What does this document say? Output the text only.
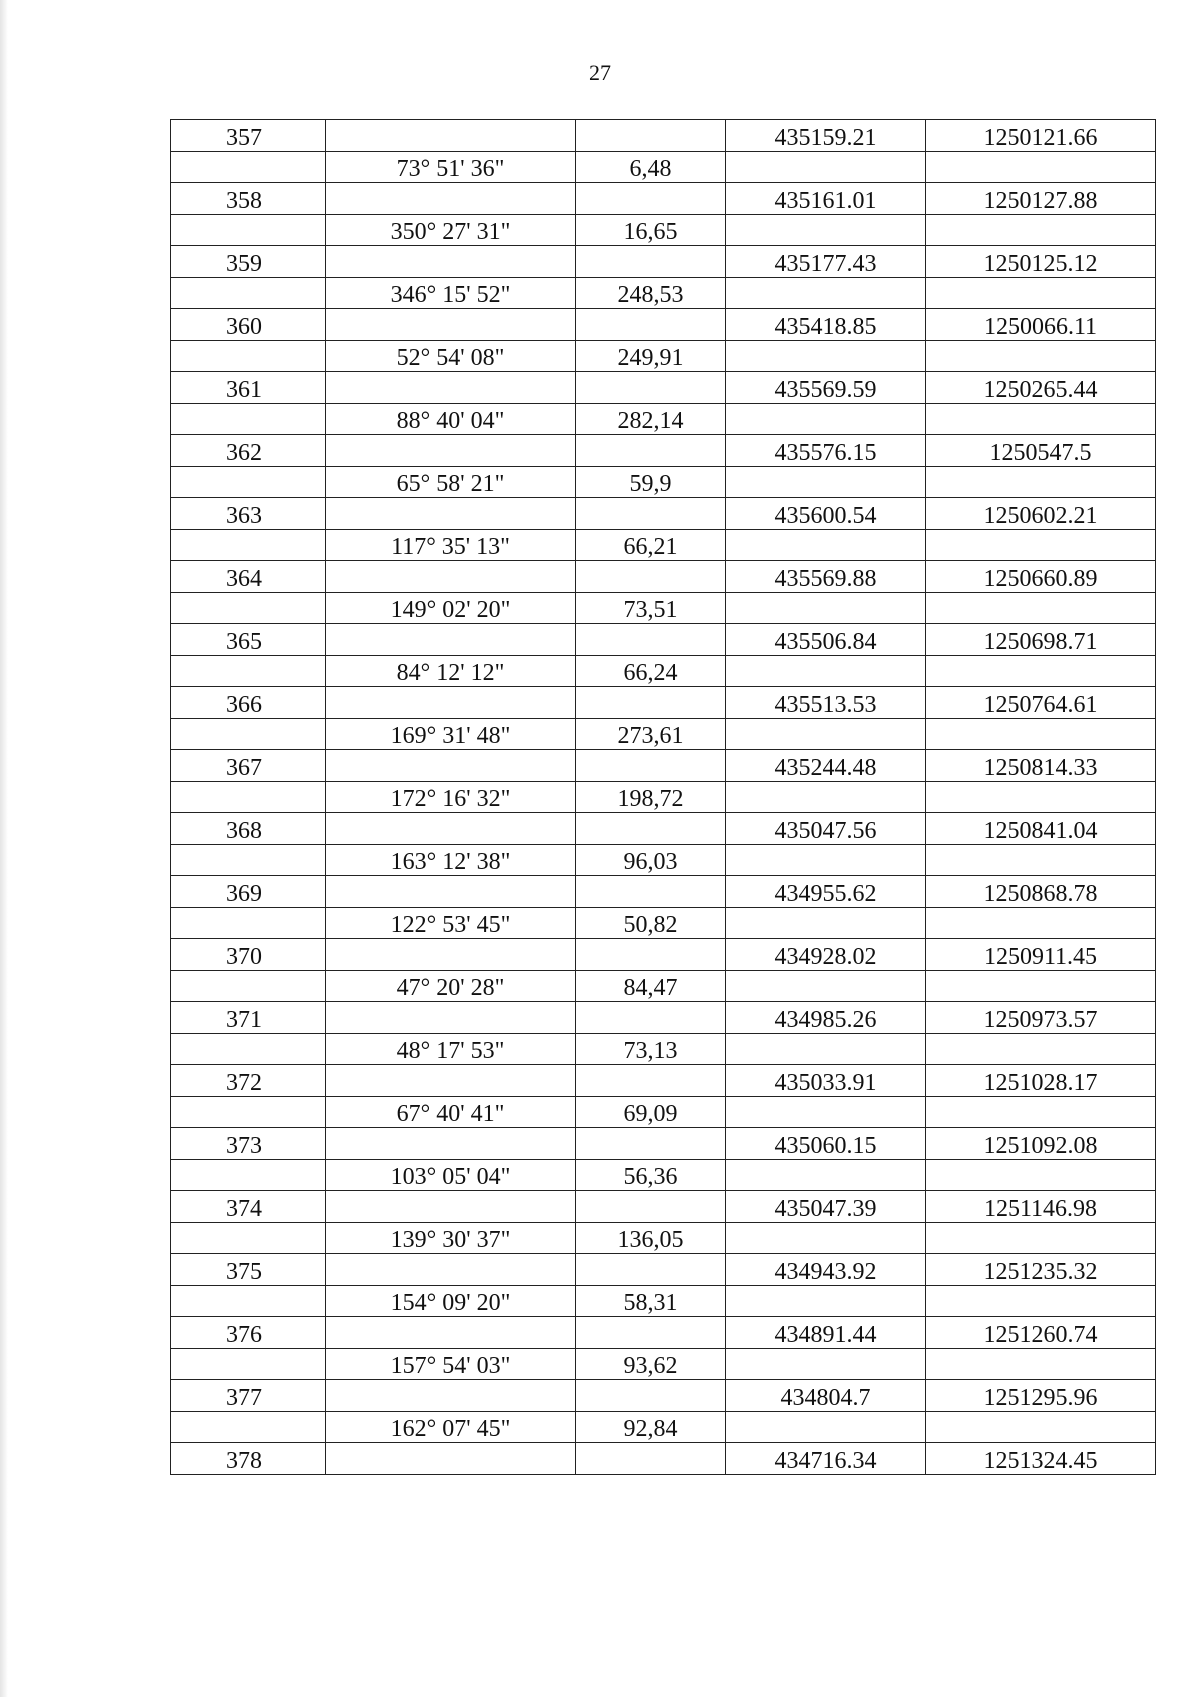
27
357			435159.21	1250121.66
	73° 51' 36"	6,48		
358			435161.01	1250127.88
	350° 27' 31"	16,65		
359			435177.43	1250125.12
	346° 15' 52"	248,53		
360			435418.85	1250066.11
	52° 54' 08"	249,91		
361			435569.59	1250265.44
	88° 40' 04"	282,14		
362			435576.15	1250547.5
	65° 58' 21"	59,9		
363			435600.54	1250602.21
	117° 35' 13"	66,21		
364			435569.88	1250660.89
	149° 02' 20"	73,51		
365			435506.84	1250698.71
	84° 12' 12"	66,24		
366			435513.53	1250764.61
	169° 31' 48"	273,61		
367			435244.48	1250814.33
	172° 16' 32"	198,72		
368			435047.56	1250841.04
	163° 12' 38"	96,03		
369			434955.62	1250868.78
	122° 53' 45"	50,82		
370			434928.02	1250911.45
	47° 20' 28"	84,47		
371			434985.26	1250973.57
	48° 17' 53"	73,13		
372			435033.91	1251028.17
	67° 40' 41"	69,09		
373			435060.15	1251092.08
	103° 05' 04"	56,36		
374			435047.39	1251146.98
	139° 30' 37"	136,05		
375			434943.92	1251235.32
	154° 09' 20"	58,31		
376			434891.44	1251260.74
	157° 54' 03"	93,62		
377			434804.7	1251295.96
	162° 07' 45"	92,84		
378			434716.34	1251324.45
